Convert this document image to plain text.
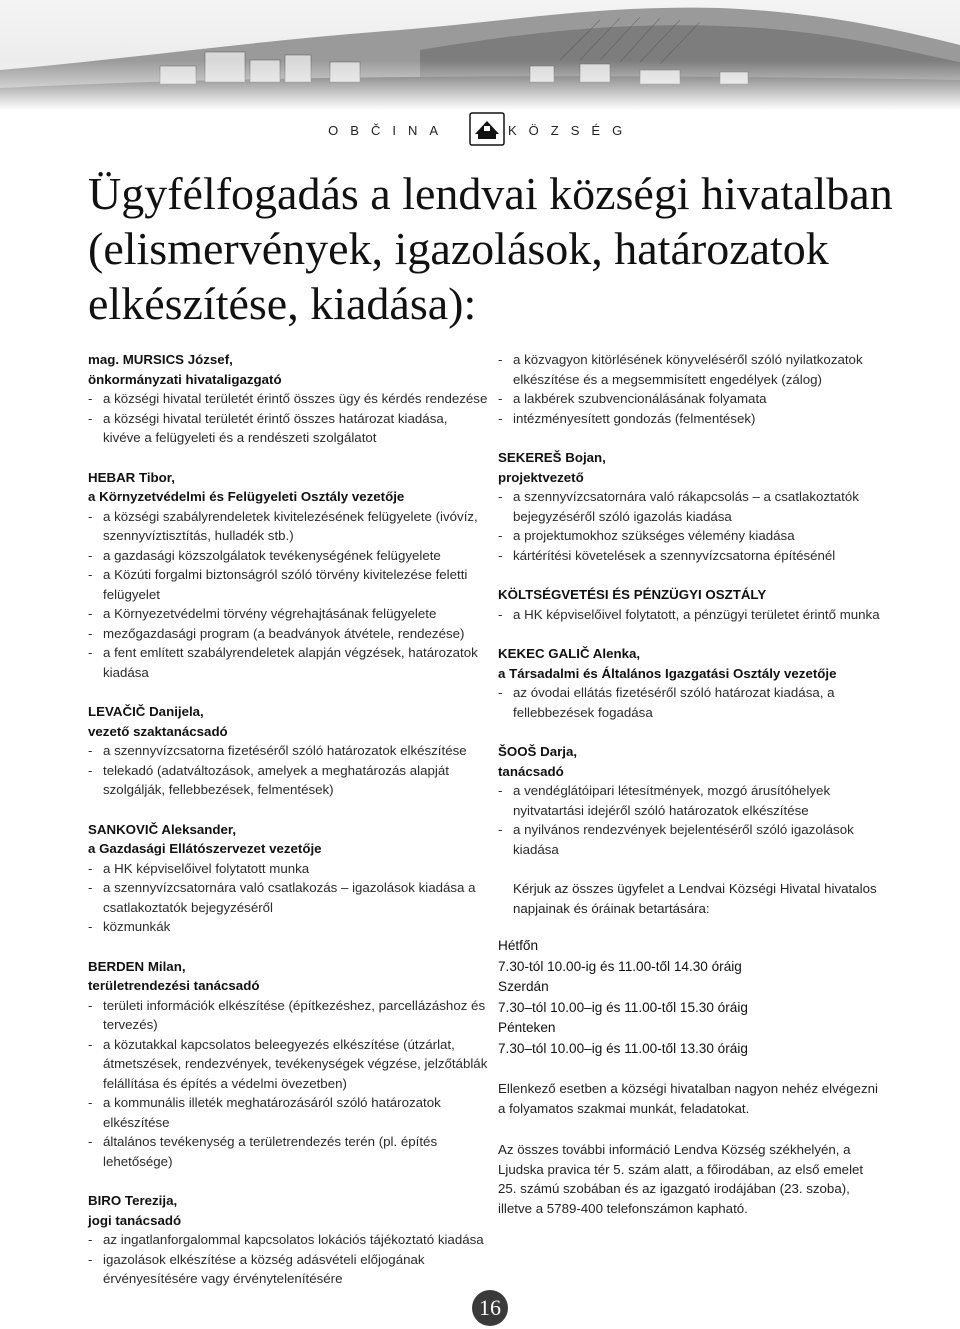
OBČINA	KÖZSÉG
Ügyfélfogadás a lendvai községi hivatalban (elismervények, igazolások, határozatok elkészítése, kiadása):
mag. MURSICS József,
önkormányzati hivataligazgató
- a községi hivatal területét érintő összes ügy és kérdés rendezése
- a községi hivatal területét érintő összes határozat kiadása, kivéve a felügyeleti és a rendészeti szolgálatot
HEBAR Tibor,
a Környzetvédelmi és Felügyeleti Osztály vezetője
- a községi szabályrendeletek kivitelezésének felügyelete (ivóvíz, szennyvíztisztítás, hulladék stb.)
- a gazdasági közszolgálatok tevékenységének felügyelete
- a Közúti forgalmi biztonságról szóló törvény kivitelezése feletti felügyelet
- a Környezetvédelmi törvény végrehajtásának felügyelete
- mezőgazdasági program (a beadványok átvétele, rendezése)
- a fent említett szabályrendeletek alapján végzések, határozatok kiadása
LEVAČIČ Danijela,
vezető szaktanácsadó
- a szennyvízcsatorna fizetéséről szóló határozatok elkészítése
- telekadó (adatváltozások, amelyek a meghatározás alapját szolgálják, fellebbezések, felmentések)
SANKOVIČ Aleksander,
a Gazdasági Ellátószervezet vezetője
- a HK képviselőivel folytatott munka
- a szennyvízcsatornára való csatlakozás – igazolások kiadása a csatlakoztatók bejegyzéséről
- közmunkák
BERDEN Milan,
területrendezési tanácsadó
- területi információk elkészítése (építkezéshez, parcellázáshoz és tervezés)
- a közutakkal kapcsolatos beleegyezés elkészítése (útzárlat, átmetszések, rendezvények, tevékenységek végzése, jelzőtáblák felállítása és építés a védelmi övezetben)
- a kommunális illeték meghatározásáról szóló határozatok elkészítése
- általános tevékenység a területrendezés terén (pl. építés lehetősége)
BIRO Terezija,
jogi tanácsadó
- az ingatlanforgalommal kapcsolatos lokációs tájékoztató kiadása
- igazolások elkészítése a község adásvételi előjogának érvényesítésére vagy érvénytelenítésére
- a közvagyon kitörlésének könyveléséről szóló nyilatkozatok elkészítése és a megsemmisített engedélyek (zálog)
- a lakbérek szubvencionálásának folyamata
- intézményesített gondozás (felmentések)
SEKEREŠ Bojan,
projektvezető
- a szennyvízcsatornára való rákapcsolás – a csatlakoztatók bejegyzéséről szóló igazolás kiadása
- a projektumokhoz szükséges vélemény kiadása
- kártérítési követelések a szennyvízcsatorna építésénél
KÖLTSÉGVETÉSI ÉS PÉNZÜGYI OSZTÁLY
- a HK képviselőivel folytatott, a pénzügyi területet érintő munka
KEKEC GALIČ Alenka,
a Társadalmi és Általános Igazgatási Osztály vezetője
- az óvodai ellátás fizetéséről szóló határozat kiadása, a fellebbezések fogadása
ŠOOŠ Darja,
tanácsadó
- a vendéglátóipari létesítmények, mozgó árusítóhelyek nyitvatartási idejéről szóló határozatok elkészítése
- a nyilvános rendezvények bejelentéséről szóló igazolások kiadása
Kérjuk az összes ügyfelet a Lendvai Községi Hivatal hivatalos napjainak és óráinak betartására:
Hétfőn
7.30-tól 10.00-ig és 11.00-től 14.30 óráig
Szerdán
7.30–tól 10.00–ig és 11.00-től 15.30 óráig
Pénteken
7.30–tól 10.00–ig és 11.00-től 13.30 óráig
Ellenkező esetben a községi hivatalban nagyon nehéz elvégezni a folyamatos szakmai munkát, feladatokat.
Az összes további információ Lendva Község székhelyén, a Ljudska pravica tér 5. szám alatt, a főirodában, az első emelet 25. számú szobában és az igazgató irodájában (23. szoba), illetve a 5789-400 telefonszámon kapható.
16
